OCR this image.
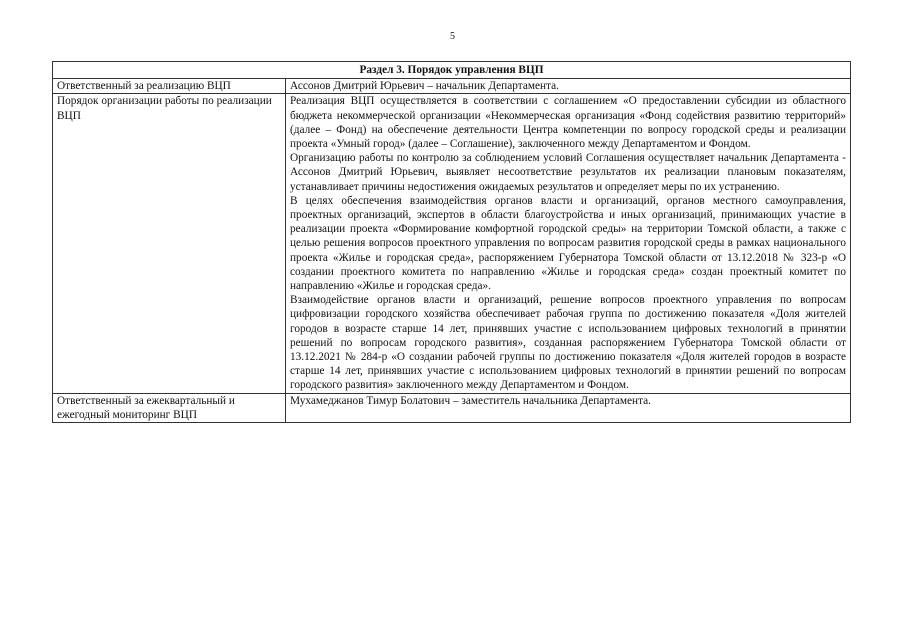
5
Раздел 3. Порядок управления ВЦП	

Ответственный за реализацию ВЦП	Ассонов Дмитрий Юрьевич – начальник Департамента.

Порядок организации работы по реализации ВЦП	Реализация ВЦП осуществляется в соответствии с соглашением «О предоставлении субсидии из областного бюджета некоммерческой организации «Некоммерческая организация «Фонд содействия развитию территорий» (далее – Фонд) на обеспечение деятельности Центра компетенции по вопросу городской среды и реализации проекта «Умный город» (далее – Соглашение), заключенного между Департаментом и Фондом.

Организацию работы по контролю за соблюдением условий Соглашения осуществляет начальник Департамента - Ассонов Дмитрий Юрьевич, выявляет несоответствие результатов их реализации плановым показателям, устанавливает причины недостижения ожидаемых результатов и определяет меры по их устранению.

В целях обеспечения взаимодействия органов власти и организаций, органов местного самоуправления, проектных организаций, экспертов в области благоустройства и иных организаций, принимающих участие в реализации проекта «Формирование комфортной городской среды» на территории Томской области, а также с целью решения вопросов проектного управления по вопросам развития городской среды в рамках национального проекта «Жилье и городская среда», распоряжением Губернатора Томской области от 13.12.2018 № 323-р «О создании проектного комитета по направлению «Жилье и городская среда» создан проектный комитет по направлению «Жилье и городская среда».

Взаимодействие органов власти и организаций, решение вопросов проектного управления по вопросам цифровизации городского хозяйства обеспечивает рабочая группа по достижению показателя «Доля жителей городов в возрасте старше 14 лет, принявших участие с использованием цифровых технологий в принятии решений по вопросам городского развития», созданная распоряжением Губернатора Томской области от 13.12.2021 № 284-р «О создании рабочей группы по достижению показателя «Доля жителей городов в возрасте старше 14 лет, принявших участие с использованием цифровых технологий в принятии решений по вопросам городского развития» заключенного между Департаментом и Фондом.

Ответственный за ежеквартальный и ежегодный мониторинг ВЦП	Мухамеджанов Тимур Болатович – заместитель начальника Департамента.
